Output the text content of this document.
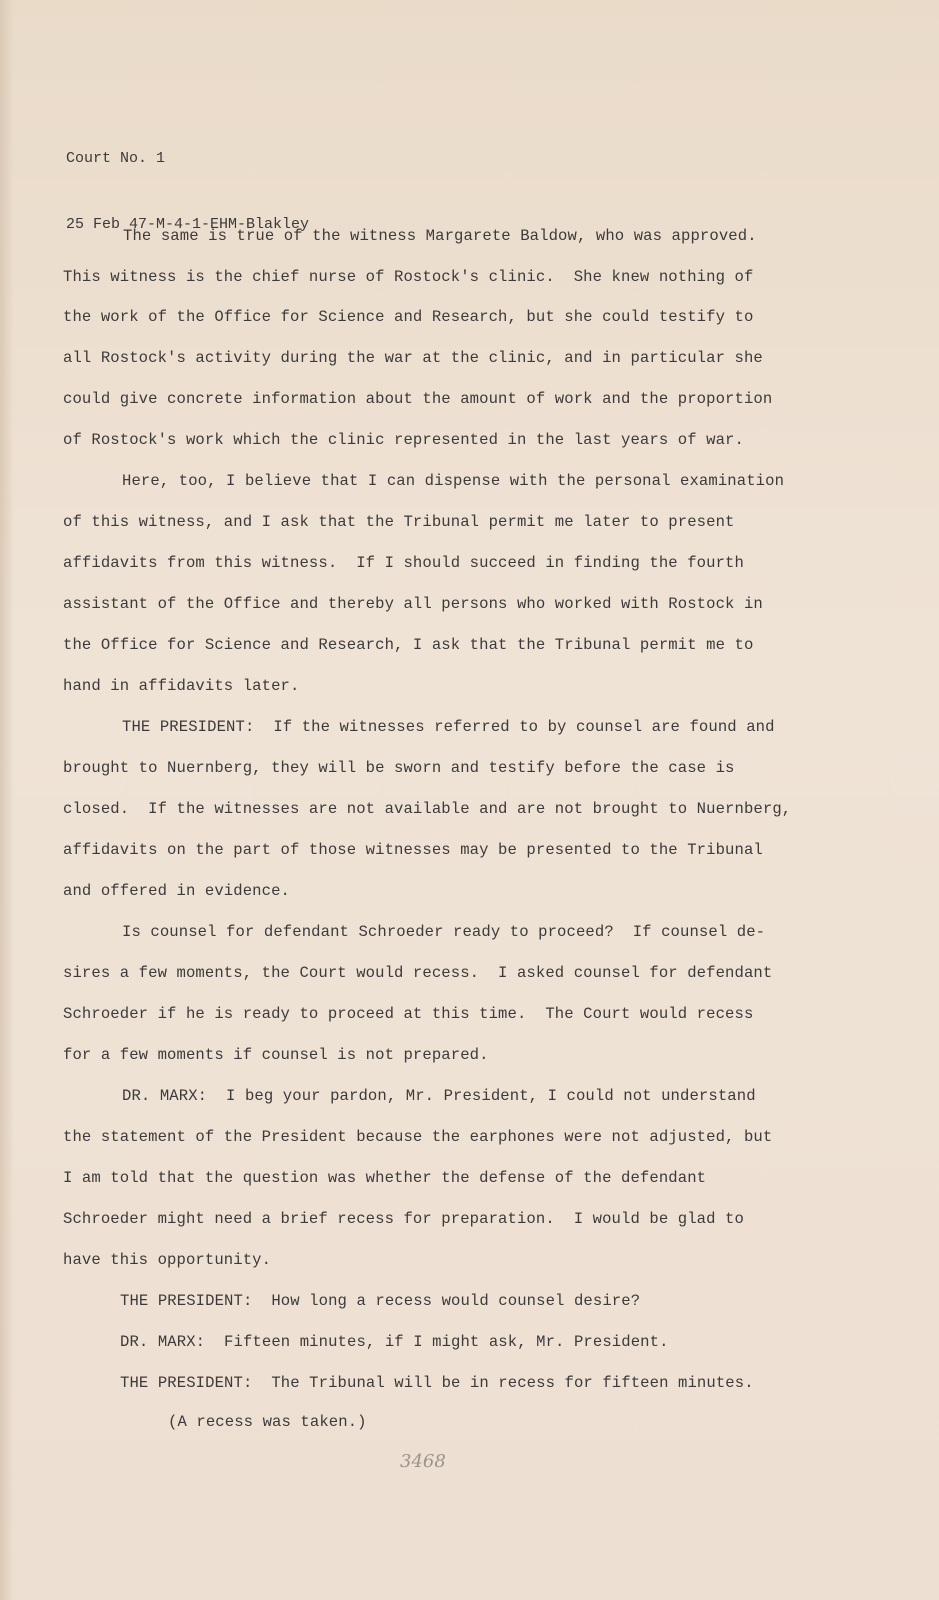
Court No. 1

25 Feb 47-M-4-1-EHM-Blakley

The same is true of the witness Margarete Baldow, who was approved.
This witness is the chief nurse of Rostock's clinic.  She knew nothing of
the work of the Office for Science and Research, but she could testify to
all Rostock's activity during the war at the clinic, and in particular she
could give concrete information about the amount of work and the proportion
of Rostock's work which the clinic represented in the last years of war.
Here, too, I believe that I can dispense with the personal examination
of this witness, and I ask that the Tribunal permit me later to present
affidavits from this witness.  If I should succeed in finding the fourth
assistant of the Office and thereby all persons who worked with Rostock in
the Office for Science and Research, I ask that the Tribunal permit me to
hand in affidavits later.
THE PRESIDENT:  If the witnesses referred to by counsel are found and
brought to Nuernberg, they will be sworn and testify before the case is
closed.  If the witnesses are not available and are not brought to Nuernberg,
affidavits on the part of those witnesses may be presented to the Tribunal
and offered in evidence.
Is counsel for defendant Schroeder ready to proceed?  If counsel de-
sires a few moments, the Court would recess.  I asked counsel for defendant
Schroeder if he is ready to proceed at this time.  The Court would recess
for a few moments if counsel is not prepared.
DR. MARX:  I beg your pardon, Mr. President, I could not understand
the statement of the President because the earphones were not adjusted, but
I am told that the question was whether the defense of the defendant
Schroeder might need a brief recess for preparation.  I would be glad to
have this opportunity.
THE PRESIDENT:  How long a recess would counsel desire?
DR. MARX:  Fifteen minutes, if I might ask, Mr. President.
THE PRESIDENT:  The Tribunal will be in recess for fifteen minutes.
(A recess was taken.)
3468
